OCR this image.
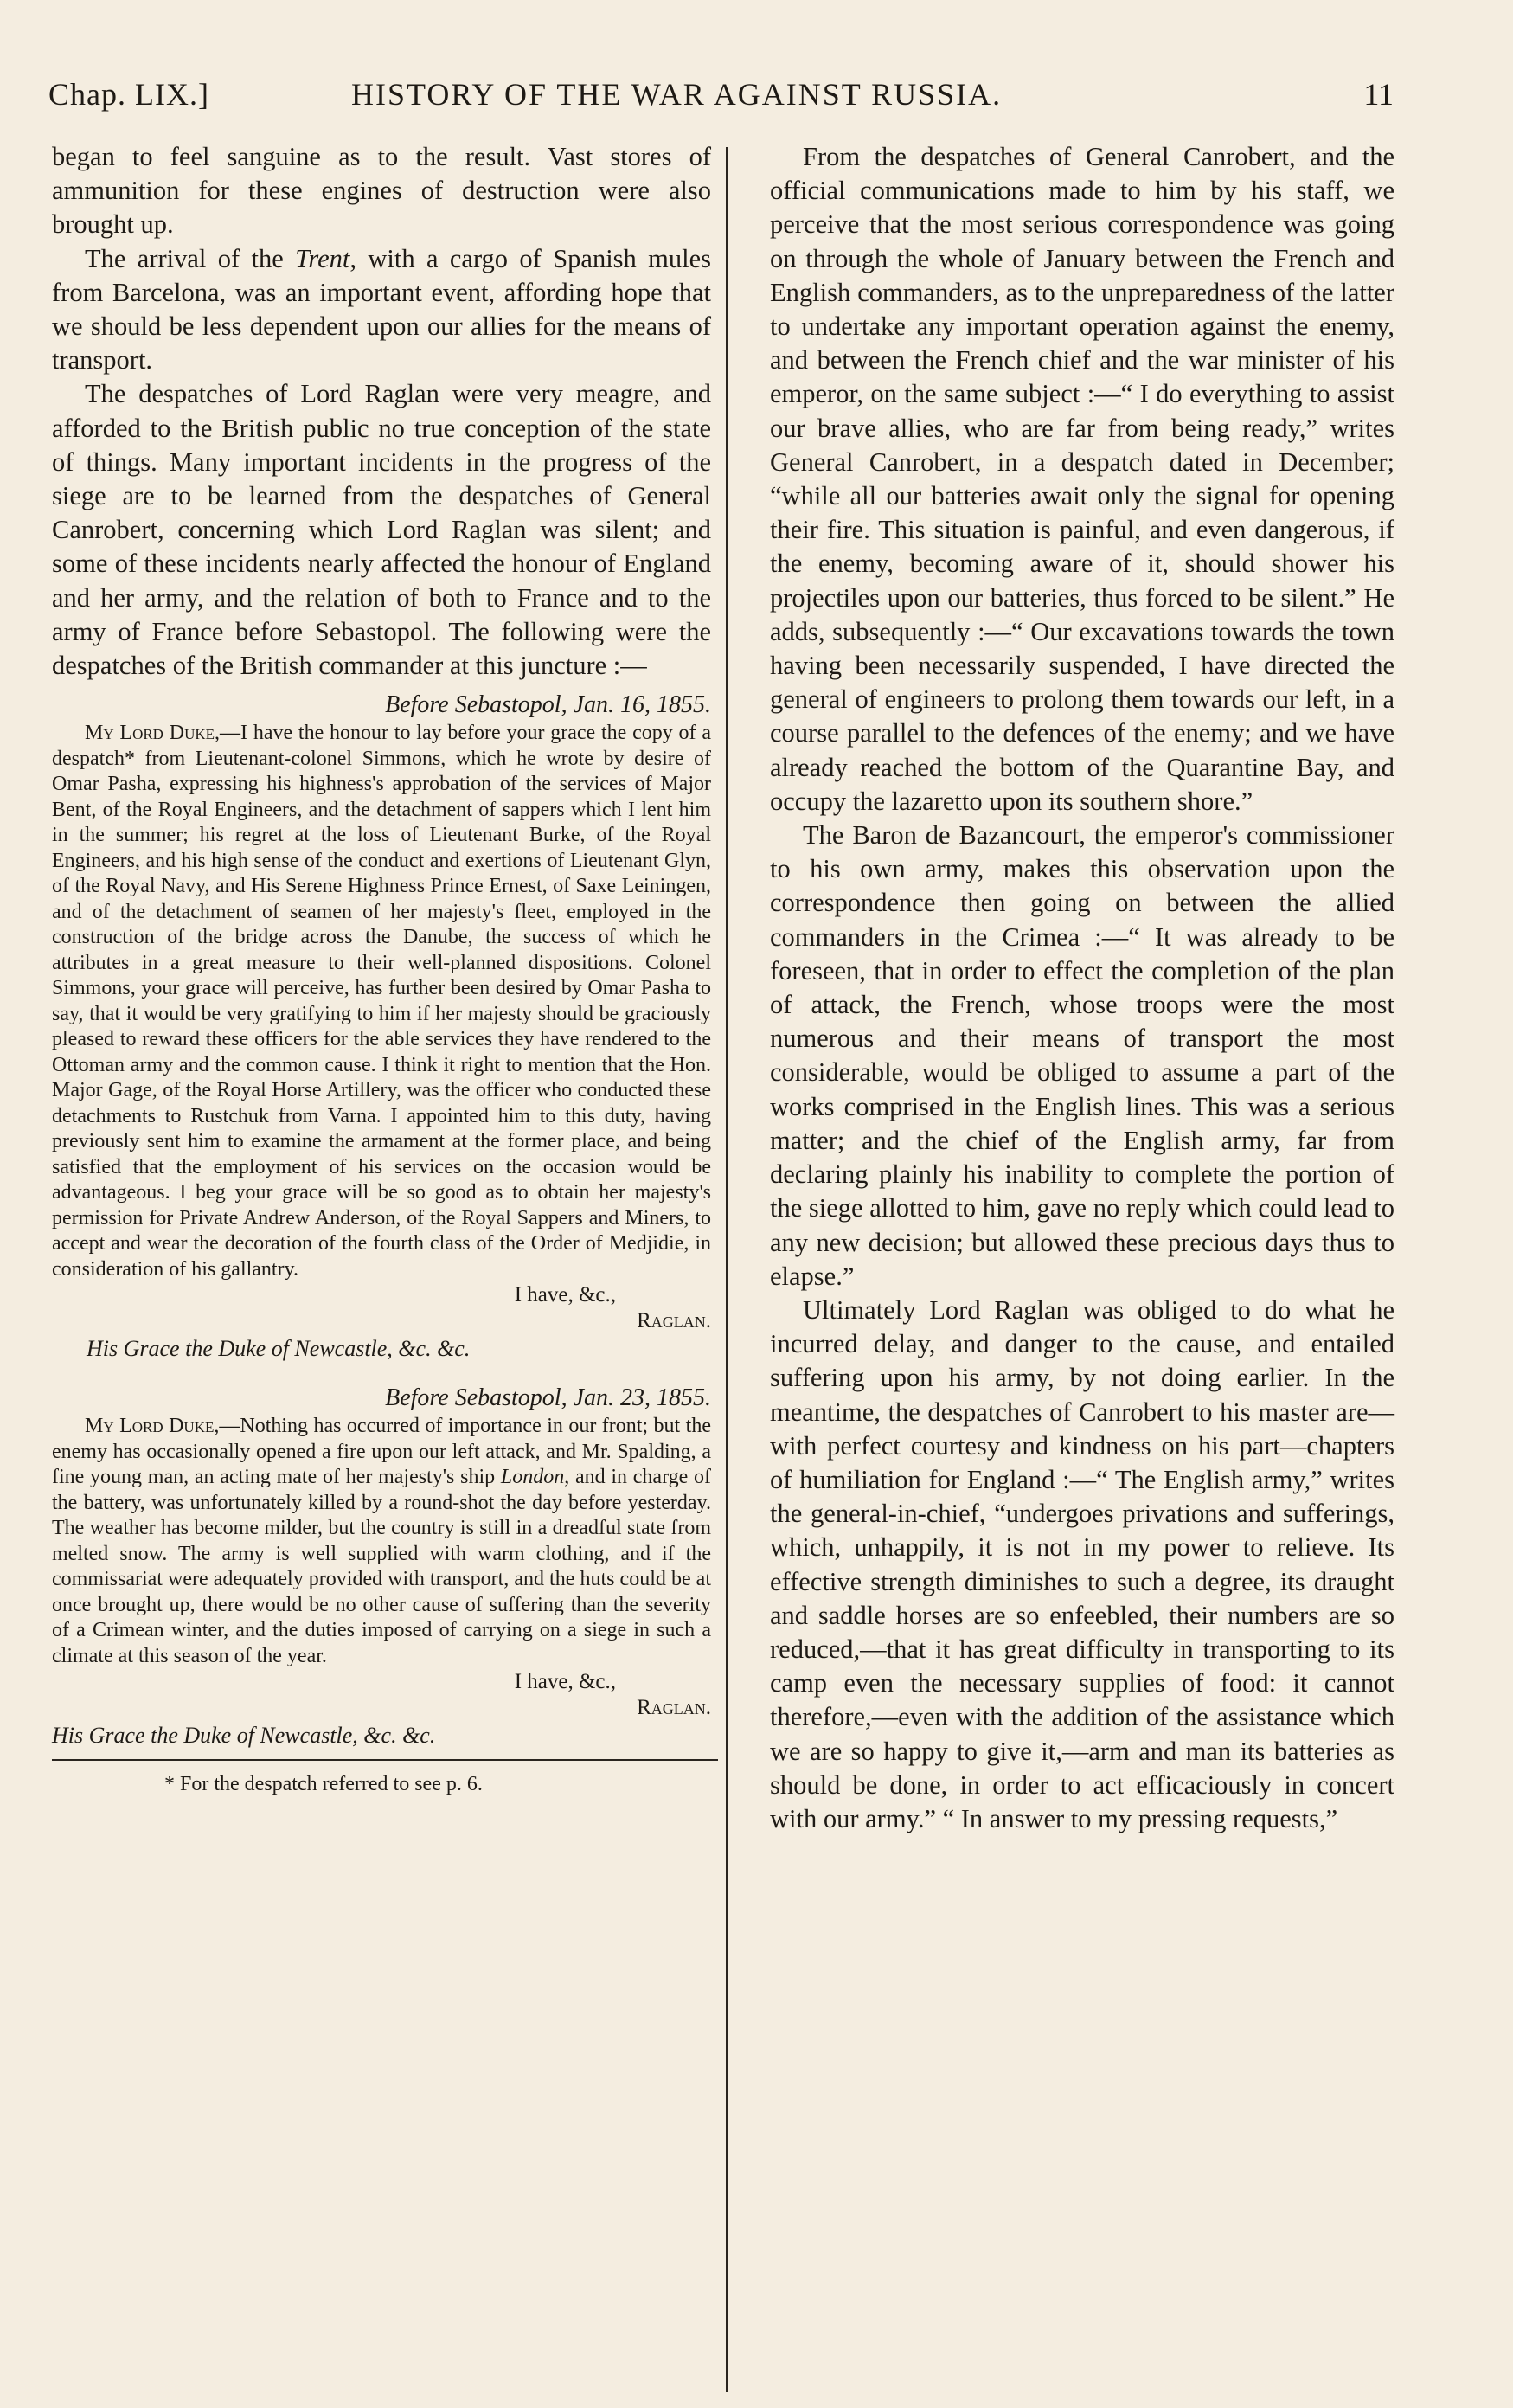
Chap. LIX.]	HISTORY OF THE WAR AGAINST RUSSIA.	11

began to feel sanguine as to the result. Vast stores of ammunition for these engines of destruction were also brought up.

The arrival of the Trent, with a cargo of Spanish mules from Barcelona, was an important event, affording hope that we should be less dependent upon our allies for the means of transport.

The despatches of Lord Raglan were very meagre, and afforded to the British public no true conception of the state of things. Many important incidents in the progress of the siege are to be learned from the despatches of General Canrobert, concerning which Lord Raglan was silent; and some of these incidents nearly affected the honour of England and her army, and the relation of both to France and to the army of France before Sebastopol. The following were the despatches of the British commander at this juncture :—

Before Sebastopol, Jan. 16, 1855.

My Lord Duke,—I have the honour to lay before your grace the copy of a despatch* from Lieutenant-colonel Simmons, which he wrote by desire of Omar Pasha, expressing his highness's approbation of the services of Major Bent, of the Royal Engineers, and the detachment of sappers which I lent him in the summer; his regret at the loss of Lieutenant Burke, of the Royal Engineers, and his high sense of the conduct and exertions of Lieutenant Glyn, of the Royal Navy, and His Serene Highness Prince Ernest, of Saxe Leiningen, and of the detachment of seamen of her majesty's fleet, employed in the construction of the bridge across the Danube, the success of which he attributes in a great measure to their well-planned dispositions. Colonel Simmons, your grace will perceive, has further been desired by Omar Pasha to say, that it would be very gratifying to him if her majesty should be graciously pleased to reward these officers for the able services they have rendered to the Ottoman army and the common cause. I think it right to mention that the Hon. Major Gage, of the Royal Horse Artillery, was the officer who conducted these detachments to Rustchuk from Varna. I appointed him to this duty, having previously sent him to examine the armament at the former place, and being satisfied that the employment of his services on the occasion would be advantageous. I beg your grace will be so good as to obtain her majesty's permission for Private Andrew Anderson, of the Royal Sappers and Miners, to accept and wear the decoration of the fourth class of the Order of Medjidie, in consideration of his gallantry.

I have, &c.,
Raglan.

His Grace the Duke of Newcastle, &c. &c.

Before Sebastopol, Jan. 23, 1855.

My Lord Duke,—Nothing has occurred of importance in our front; but the enemy has occasionally opened a fire upon our left attack, and Mr. Spalding, a fine young man, an acting mate of her majesty's ship London, and in charge of the battery, was unfortunately killed by a round-shot the day before yesterday. The weather has become milder, but the country is still in a dreadful state from melted snow. The army is well supplied with warm clothing, and if the commissariat were adequately provided with transport, and the huts could be at once brought up, there would be no other cause of suffering than the severity of a Crimean winter, and the duties imposed of carrying on a siege in such a climate at this season of the year.

I have, &c.,
Raglan.

His Grace the Duke of Newcastle, &c. &c.

* For the despatch referred to see p. 6.

From the despatches of General Canrobert, and the official communications made to him by his staff, we perceive that the most serious correspondence was going on through the whole of January between the French and English commanders, as to the unpreparedness of the latter to undertake any important operation against the enemy, and between the French chief and the war minister of his emperor, on the same subject :—“ I do everything to assist our brave allies, who are far from being ready,” writes General Canrobert, in a despatch dated in December; “while all our batteries await only the signal for opening their fire. This situation is painful, and even dangerous, if the enemy, becoming aware of it, should shower his projectiles upon our batteries, thus forced to be silent.” He adds, subsequently :—“ Our excavations towards the town having been necessarily suspended, I have directed the general of engineers to prolong them towards our left, in a course parallel to the defences of the enemy; and we have already reached the bottom of the Quarantine Bay, and occupy the lazaretto upon its southern shore.”

The Baron de Bazancourt, the emperor's commissioner to his own army, makes this observation upon the correspondence then going on between the allied commanders in the Crimea :—“ It was already to be foreseen, that in order to effect the completion of the plan of attack, the French, whose troops were the most numerous and their means of transport the most considerable, would be obliged to assume a part of the works comprised in the English lines. This was a serious matter; and the chief of the English army, far from declaring plainly his inability to complete the portion of the siege allotted to him, gave no reply which could lead to any new decision; but allowed these precious days thus to elapse.”

Ultimately Lord Raglan was obliged to do what he incurred delay, and danger to the cause, and entailed suffering upon his army, by not doing earlier. In the meantime, the despatches of Canrobert to his master are—with perfect courtesy and kindness on his part—chapters of humiliation for England :—“ The English army,” writes the general-in-chief, “undergoes privations and sufferings, which, unhappily, it is not in my power to relieve. Its effective strength diminishes to such a degree, its draught and saddle horses are so enfeebled, their numbers are so reduced,—that it has great difficulty in transporting to its camp even the necessary supplies of food: it cannot therefore,—even with the addition of the assistance which we are so happy to give it,—arm and man its batteries as should be done, in order to act efficaciously in concert with our army.” “ In answer to my pressing requests,”
